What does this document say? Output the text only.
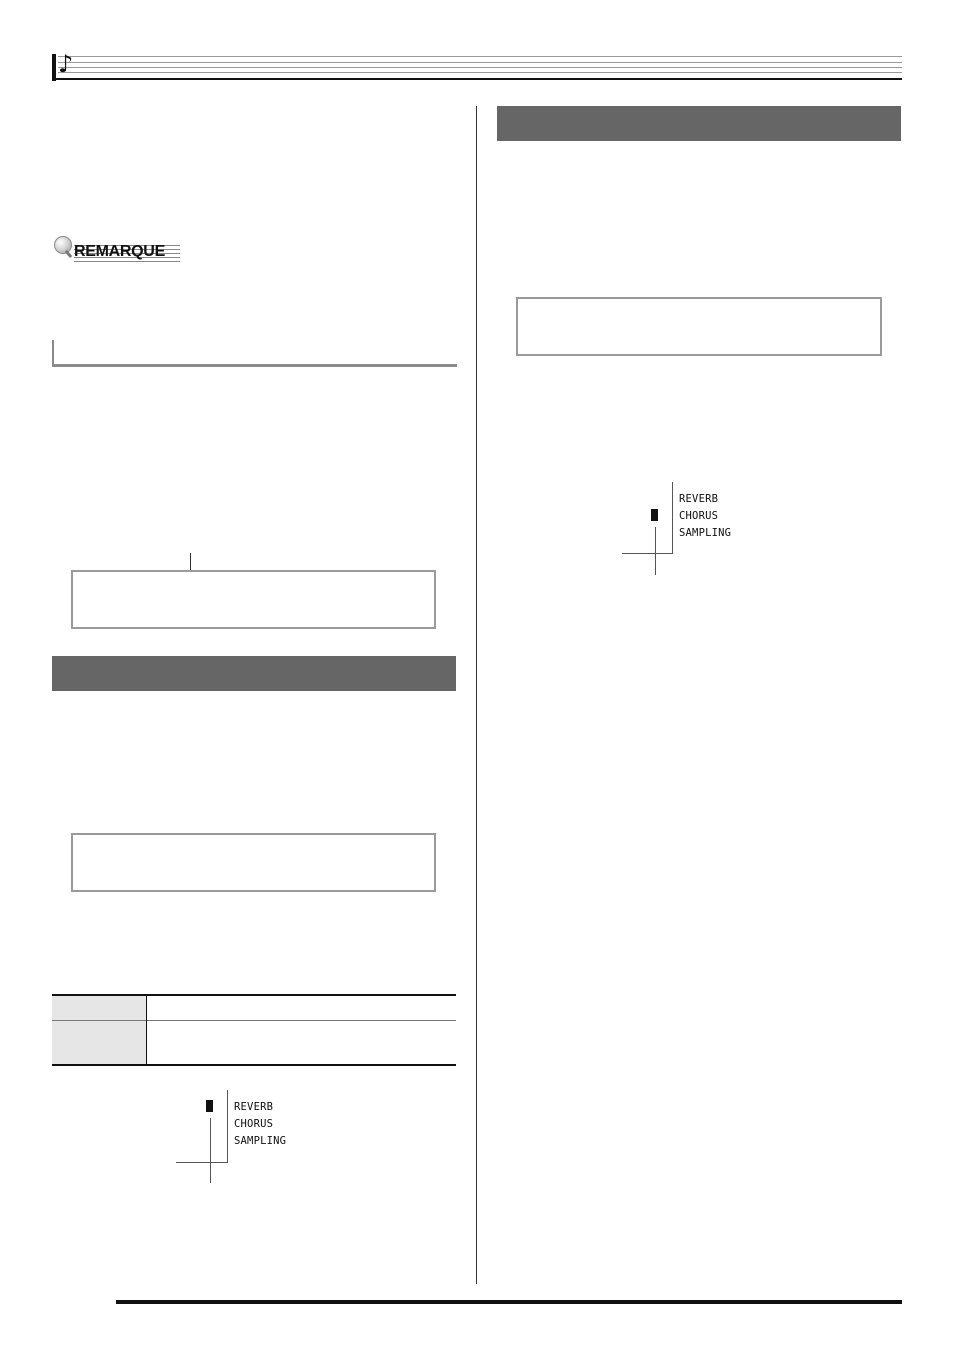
♪
REMARQUE
REVERB
CHORUS
SAMPLING
REVERB
CHORUS
SAMPLING
